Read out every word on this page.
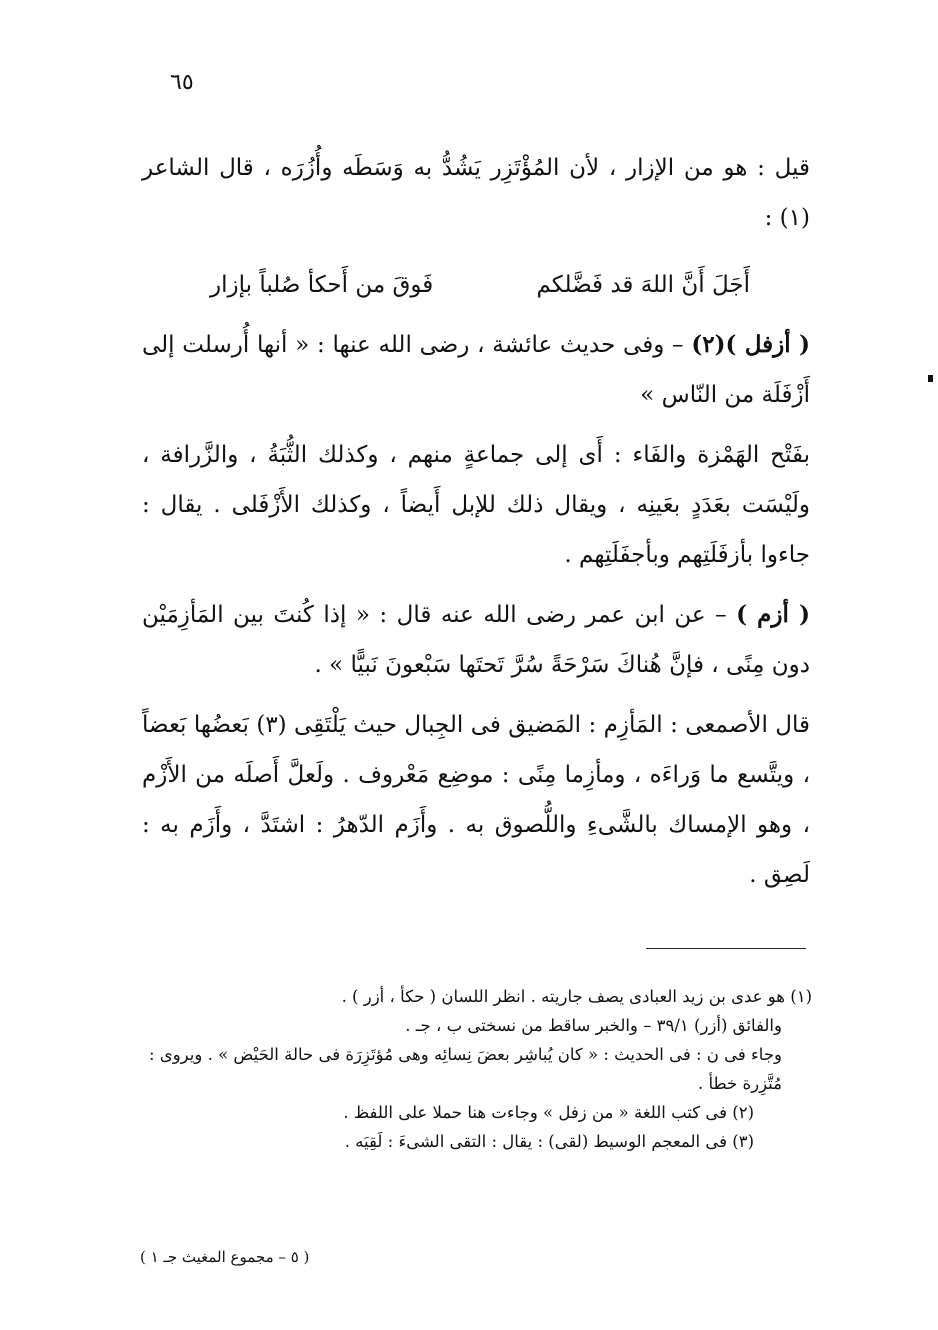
٦٥
قيل : هو من الإزار ، لأن المُؤْتَزِر يَشُدُّ به وَسَطَه وأُزُرَه ، قال الشاعر (١) :
أَجَلَ أَنَّ اللهَ قد فَضَّلكم
فَوقَ من أَحكأ صُلباً بإزار
( أزفل )(٢) – وفى حديث عائشة ، رضى الله عنها : « أنها أُرسلت إلى أَزْفَلَة من النّاس »
بفَتْح الهَمْزة والفَاء : أَى إلى جماعةٍ منهم ، وكذلك الثُّبَةُ ، والزَّرافة ، ولَيْسَت بعَدَدٍ بعَينِه ، ويقال ذلك للإبل أَيضاً ، وكذلك الأَزْفَلى . يقال : جاءوا بأزفَلَتِهم وبأجفَلَتِهم .
( أزم ) – عن ابن عمر رضى الله عنه قال : « إذا كُنتَ بين المَأزِمَيْن دون مِنًى ، فإنَّ هُناكَ سَرْحَةً سُرَّ تَحتَها سَبْعونَ نَبيًّا » .
قال الأصمعى : المَأزِم : المَضيق فى الجِبال حيث يَلْتَقِى (٣) بَعضُها بَعضاً ، ويتَّسع ما وَراءَه ، ومأزِما مِنًى : موضِع مَعْروف . ولَعلَّ أَصلَه من الأَزْم ، وهو الإمساك بالشَّىءِ واللُّصوق به . وأَزَم الدّهرُ : اشتَدَّ ، وأَزَم به : لَصِق .
(١) هو عدى بن زيد العبادى يصف جاريته . انظر اللسان ( حكأ ، أزر ) .
والفائق (أزر) ٣٩/١ – والخبر ساقط من نسختى ب ، جـ .
وجاء فى ن : فى الحديث : « كان يُباشِر بعضَ نِسائِه وهى مُؤتَزِرَة فى حالة الحَيْض » . ويروى : مُتَّزِرة خطأ .
(٢) فى كتب اللغة « من زفل » وجاءت هنا حملا على اللفظ .
(٣) فى المعجم الوسيط (لقى) : يقال : التقى الشىءَ : لَقِيَه .
( ٥ – مجموع المغيث جـ ١ )
